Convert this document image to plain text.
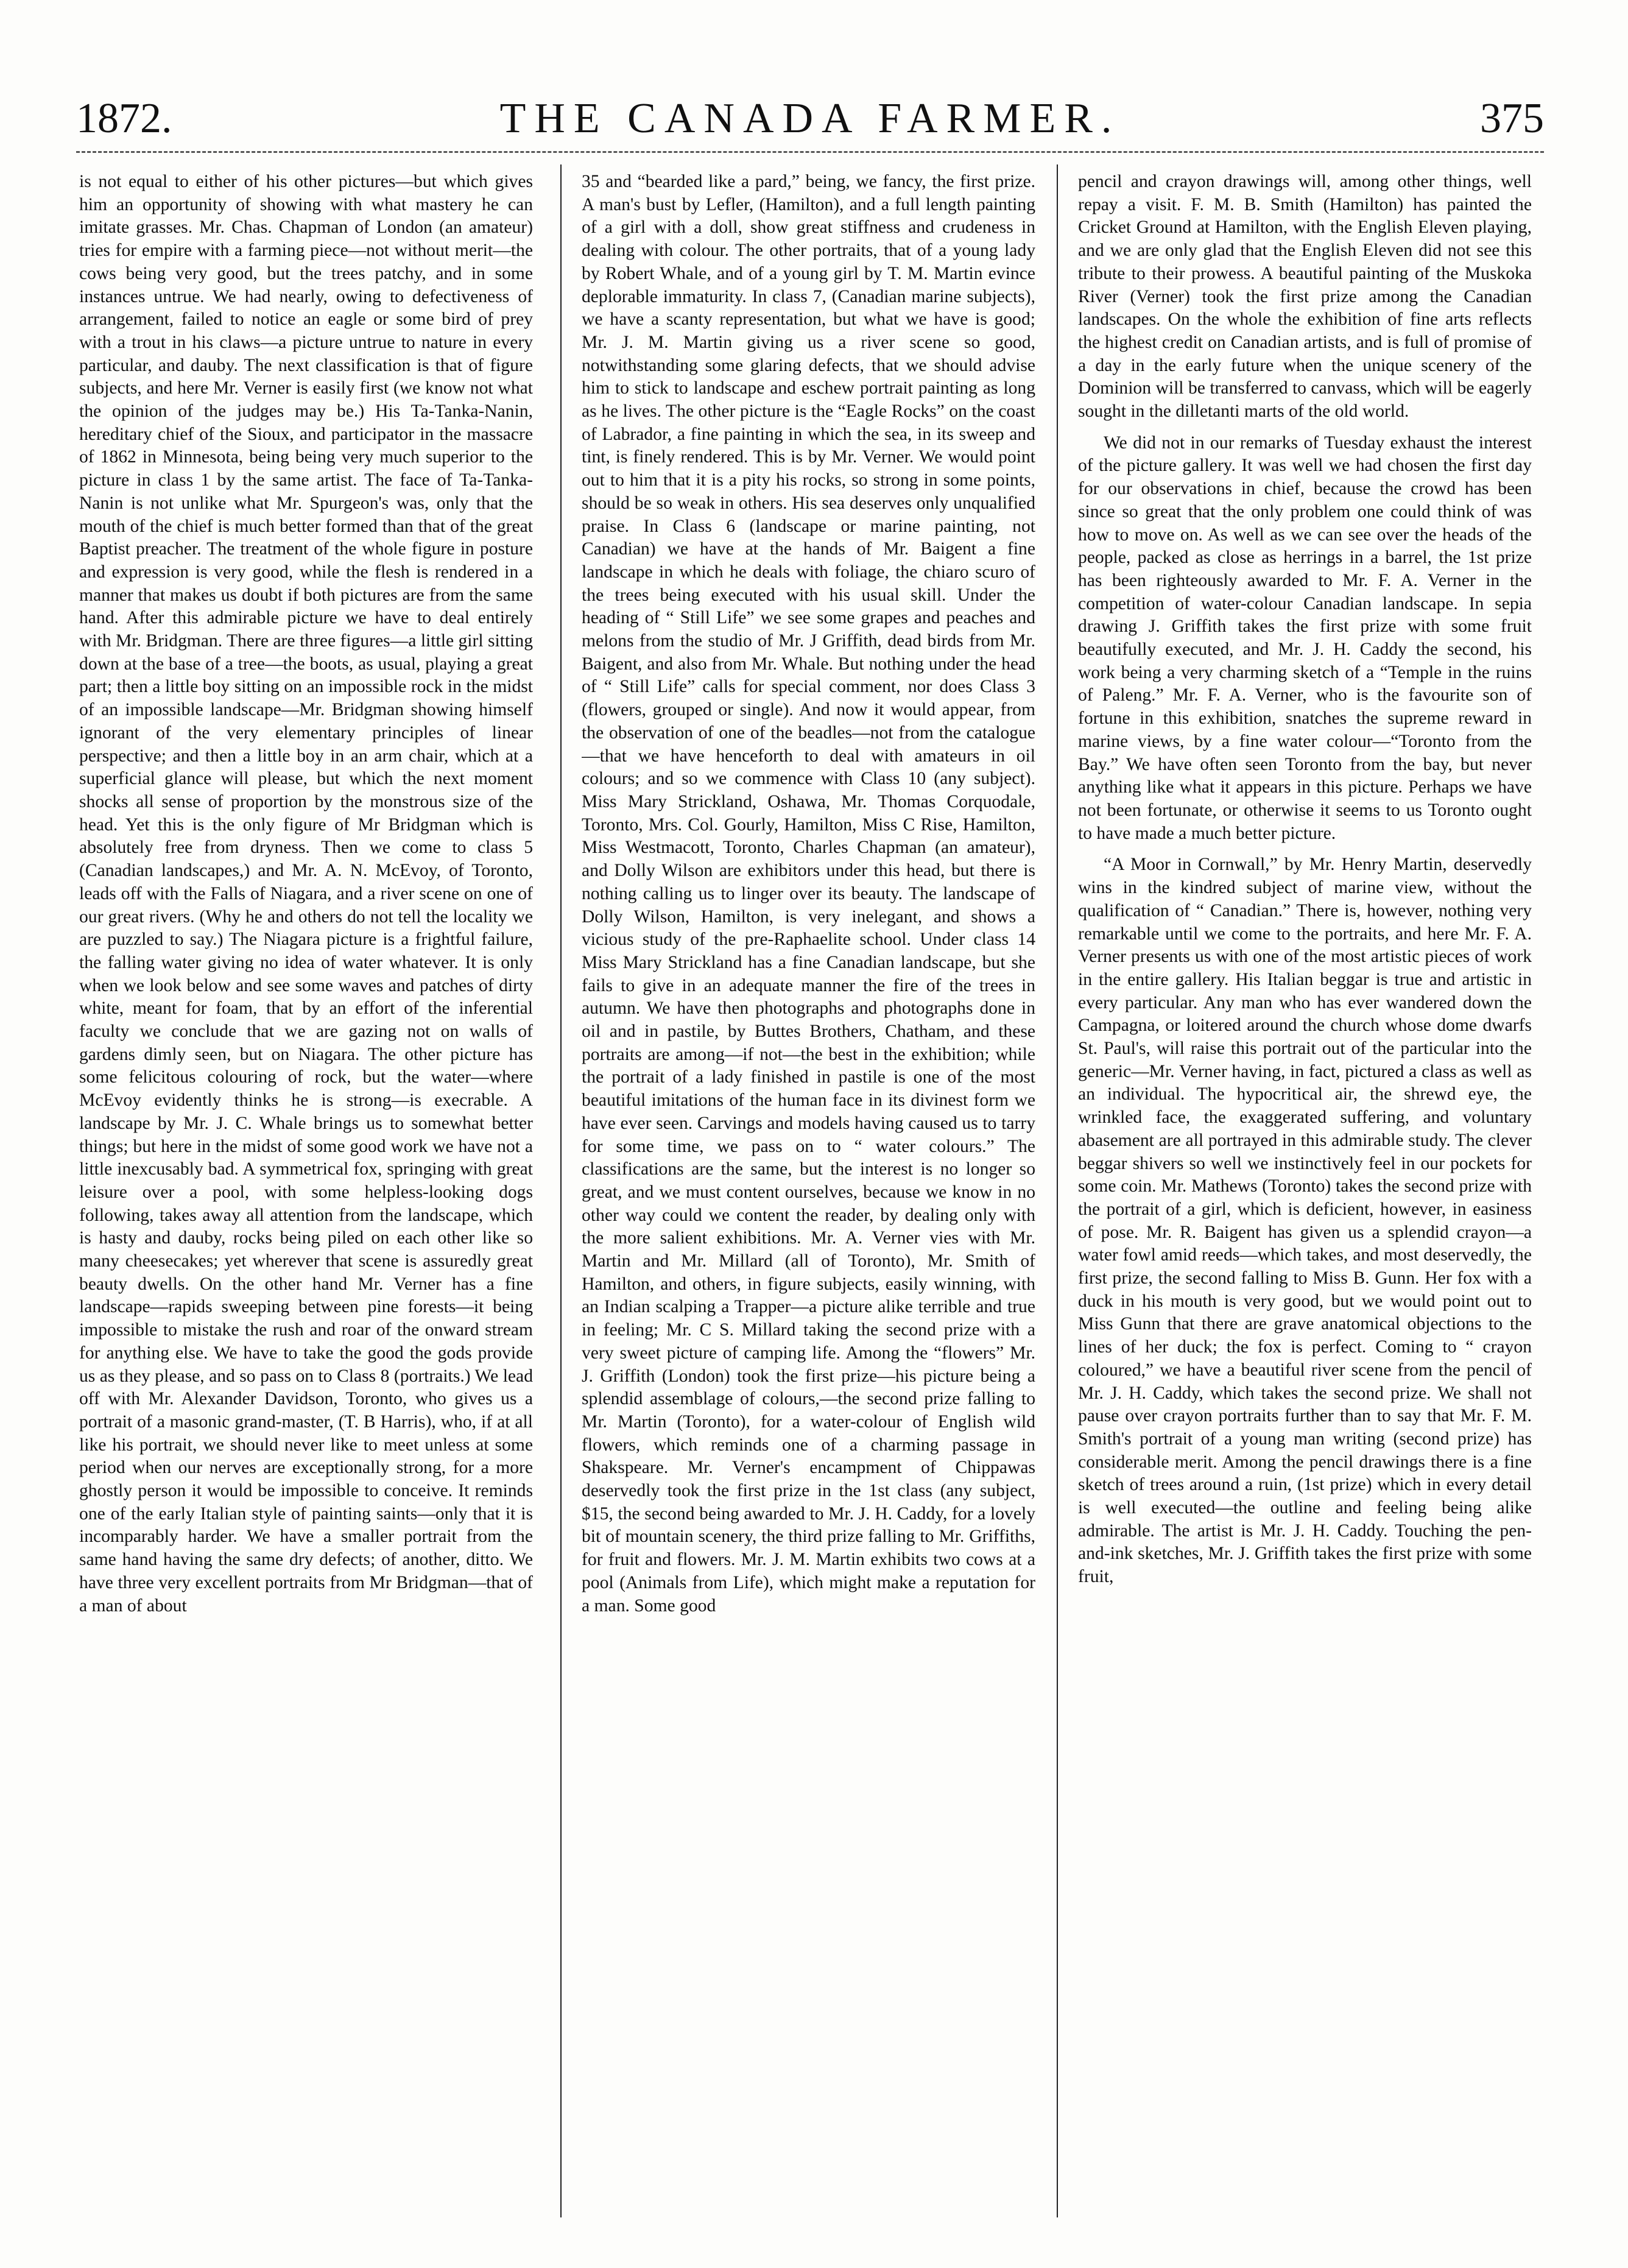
1872.	THE CANADA FARMER.	375

is not equal to either of his other pictures—but which gives him an opportunity of showing with what mastery he can imitate grasses. Mr. Chas. Chapman of London (an amateur) tries for empire with a farming piece—not without merit—the cows being very good, but the trees patchy, and in some instances untrue. We had nearly, owing to defectiveness of arrangement, failed to notice an eagle or some bird of prey with a trout in his claws—a picture untrue to nature in every particular, and dauby. The next classification is that of figure subjects, and here Mr. Verner is easily first (we know not what the opinion of the judges may be.) His Ta-Tanka-Nanin, hereditary chief of the Sioux, and participator in the massacre of 1862 in Minnesota, being being very much superior to the picture in class 1 by the same artist. The face of Ta-Tanka-Nanin is not unlike what Mr. Spurgeon's was, only that the mouth of the chief is much better formed than that of the great Baptist preacher. The treatment of the whole figure in posture and expression is very good, while the flesh is rendered in a manner that makes us doubt if both pictures are from the same hand. After this admirable picture we have to deal entirely with Mr. Bridgman. There are three figures—a little girl sitting down at the base of a tree—the boots, as usual, playing a great part; then a little boy sitting on an impossible rock in the midst of an impossible landscape—Mr. Bridgman showing himself ignorant of the very elementary principles of linear perspective; and then a little boy in an arm chair, which at a superficial glance will please, but which the next moment shocks all sense of proportion by the monstrous size of the head. Yet this is the only figure of Mr Bridgman which is absolutely free from dryness. Then we come to class 5 (Canadian landscapes,) and Mr. A. N. McEvoy, of Toronto, leads off with the Falls of Niagara, and a river scene on one of our great rivers. (Why he and others do not tell the locality we are puzzled to say.) The Niagara picture is a frightful failure, the falling water giving no idea of water whatever. It is only when we look below and see some waves and patches of dirty white, meant for foam, that by an effort of the inferential faculty we conclude that we are gazing not on walls of gardens dimly seen, but on Niagara. The other picture has some felicitous colouring of rock, but the water—where McEvoy evidently thinks he is strong—is execrable. A landscape by Mr. J. C. Whale brings us to somewhat better things; but here in the midst of some good work we have not a little inexcusably bad. A symmetrical fox, springing with great leisure over a pool, with some helpless-looking dogs following, takes away all attention from the landscape, which is hasty and dauby, rocks being piled on each other like so many cheesecakes; yet wherever that scene is assuredly great beauty dwells. On the other hand Mr. Verner has a fine landscape—rapids sweeping between pine forests—it being impossible to mistake the rush and roar of the onward stream for anything else. We have to take the good the gods provide us as they please, and so pass on to Class 8 (portraits.) We lead off with Mr. Alexander Davidson, Toronto, who gives us a portrait of a masonic grand-master, (T. B Harris), who, if at all like his portrait, we should never like to meet unless at some period when our nerves are exceptionally strong, for a more ghostly person it would be impossible to conceive. It reminds one of the early Italian style of painting saints—only that it is incomparably harder. We have a smaller portrait from the same hand having the same dry defects; of another, ditto. We have three very excellent portraits from Mr Bridgman—that of a man of about

35 and “bearded like a pard,” being, we fancy, the first prize. A man's bust by Lefler, (Hamilton), and a full length painting of a girl with a doll, show great stiffness and crudeness in dealing with colour. The other portraits, that of a young lady by Robert Whale, and of a young girl by T. M. Martin evince deplorable immaturity. In class 7, (Canadian marine subjects), we have a scanty representation, but what we have is good; Mr. J. M. Martin giving us a river scene so good, notwithstanding some glaring defects, that we should advise him to stick to landscape and eschew portrait painting as long as he lives. The other picture is the “Eagle Rocks” on the coast of Labrador, a fine painting in which the sea, in its sweep and tint, is finely rendered. This is by Mr. Verner. We would point out to him that it is a pity his rocks, so strong in some points, should be so weak in others. His sea deserves only unqualified praise. In Class 6 (landscape or marine painting, not Canadian) we have at the hands of Mr. Baigent a fine landscape in which he deals with foliage, the chiaro scuro of the trees being executed with his usual skill. Under the heading of “ Still Life” we see some grapes and peaches and melons from the studio of Mr. J Griffith, dead birds from Mr. Baigent, and also from Mr. Whale. But nothing under the head of “ Still Life” calls for special comment, nor does Class 3 (flowers, grouped or single). And now it would appear, from the observation of one of the beadles—not from the catalogue—that we have henceforth to deal with amateurs in oil colours; and so we commence with Class 10 (any subject). Miss Mary Strickland, Oshawa, Mr. Thomas Corquodale, Toronto, Mrs. Col. Gourly, Hamilton, Miss C Rise, Hamilton, Miss Westmacott, Toronto, Charles Chapman (an amateur), and Dolly Wilson are exhibitors under this head, but there is nothing calling us to linger over its beauty. The landscape of Dolly Wilson, Hamilton, is very inelegant, and shows a vicious study of the pre-Raphaelite school. Under class 14 Miss Mary Strickland has a fine Canadian landscape, but she fails to give in an adequate manner the fire of the trees in autumn. We have then photographs and photographs done in oil and in pastile, by Buttes Brothers, Chatham, and these portraits are among—if not—the best in the exhibition; while the portrait of a lady finished in pastile is one of the most beautiful imitations of the human face in its divinest form we have ever seen. Carvings and models having caused us to tarry for some time, we pass on to “ water colours.” The classifications are the same, but the interest is no longer so great, and we must content ourselves, because we know in no other way could we content the reader, by dealing only with the more salient exhibitions. Mr. A. Verner vies with Mr. Martin and Mr. Millard (all of Toronto), Mr. Smith of Hamilton, and others, in figure subjects, easily winning, with an Indian scalping a Trapper—a picture alike terrible and true in feeling; Mr. C S. Millard taking the second prize with a very sweet picture of camping life. Among the “flowers” Mr. J. Griffith (London) took the first prize—his picture being a splendid assemblage of colours,—the second prize falling to Mr. Martin (Toronto), for a water-colour of English wild flowers, which reminds one of a charming passage in Shakspeare. Mr. Verner's encampment of Chippawas deservedly took the first prize in the 1st class (any subject, $15, the second being awarded to Mr. J. H. Caddy, for a lovely bit of mountain scenery, the third prize falling to Mr. Griffiths, for fruit and flowers. Mr. J. M. Martin exhibits two cows at a pool (Animals from Life), which might make a reputation for a man. Some good

pencil and crayon drawings will, among other things, well repay a visit. F. M. B. Smith (Hamilton) has painted the Cricket Ground at Hamilton, with the English Eleven playing, and we are only glad that the English Eleven did not see this tribute to their prowess. A beautiful painting of the Muskoka River (Verner) took the first prize among the Canadian landscapes. On the whole the exhibition of fine arts reflects the highest credit on Canadian artists, and is full of promise of a day in the early future when the unique scenery of the Dominion will be transferred to canvass, which will be eagerly sought in the dilletanti marts of the old world.

We did not in our remarks of Tuesday exhaust the interest of the picture gallery. It was well we had chosen the first day for our observations in chief, because the crowd has been since so great that the only problem one could think of was how to move on. As well as we can see over the heads of the people, packed as close as herrings in a barrel, the 1st prize has been righteously awarded to Mr. F. A. Verner in the competition of water-colour Canadian landscape. In sepia drawing J. Griffith takes the first prize with some fruit beautifully executed, and Mr. J. H. Caddy the second, his work being a very charming sketch of a “Temple in the ruins of Paleng.” Mr. F. A. Verner, who is the favourite son of fortune in this exhibition, snatches the supreme reward in marine views, by a fine water colour—“Toronto from the Bay.” We have often seen Toronto from the bay, but never anything like what it appears in this picture. Perhaps we have not been fortunate, or otherwise it seems to us Toronto ought to have made a much better picture.

“A Moor in Cornwall,” by Mr. Henry Martin, deservedly wins in the kindred subject of marine view, without the qualification of “ Canadian.” There is, however, nothing very remarkable until we come to the portraits, and here Mr. F. A. Verner presents us with one of the most artistic pieces of work in the entire gallery. His Italian beggar is true and artistic in every particular. Any man who has ever wandered down the Campagna, or loitered around the church whose dome dwarfs St. Paul's, will raise this portrait out of the particular into the generic—Mr. Verner having, in fact, pictured a class as well as an individual. The hypocritical air, the shrewd eye, the wrinkled face, the exaggerated suffering, and voluntary abasement are all portrayed in this admirable study. The clever beggar shivers so well we instinctively feel in our pockets for some coin. Mr. Mathews (Toronto) takes the second prize with the portrait of a girl, which is deficient, however, in easiness of pose. Mr. R. Baigent has given us a splendid crayon—a water fowl amid reeds—which takes, and most deservedly, the first prize, the second falling to Miss B. Gunn. Her fox with a duck in his mouth is very good, but we would point out to Miss Gunn that there are grave anatomical objections to the lines of her duck; the fox is perfect. Coming to “ crayon coloured,” we have a beautiful river scene from the pencil of Mr. J. H. Caddy, which takes the second prize. We shall not pause over crayon portraits further than to say that Mr. F. M. Smith's portrait of a young man writing (second prize) has considerable merit. Among the pencil drawings there is a fine sketch of trees around a ruin, (1st prize) which in every detail is well executed—the outline and feeling being alike admirable. The artist is Mr. J. H. Caddy. Touching the pen-and-ink sketches, Mr. J. Griffith takes the first prize with some fruit,
